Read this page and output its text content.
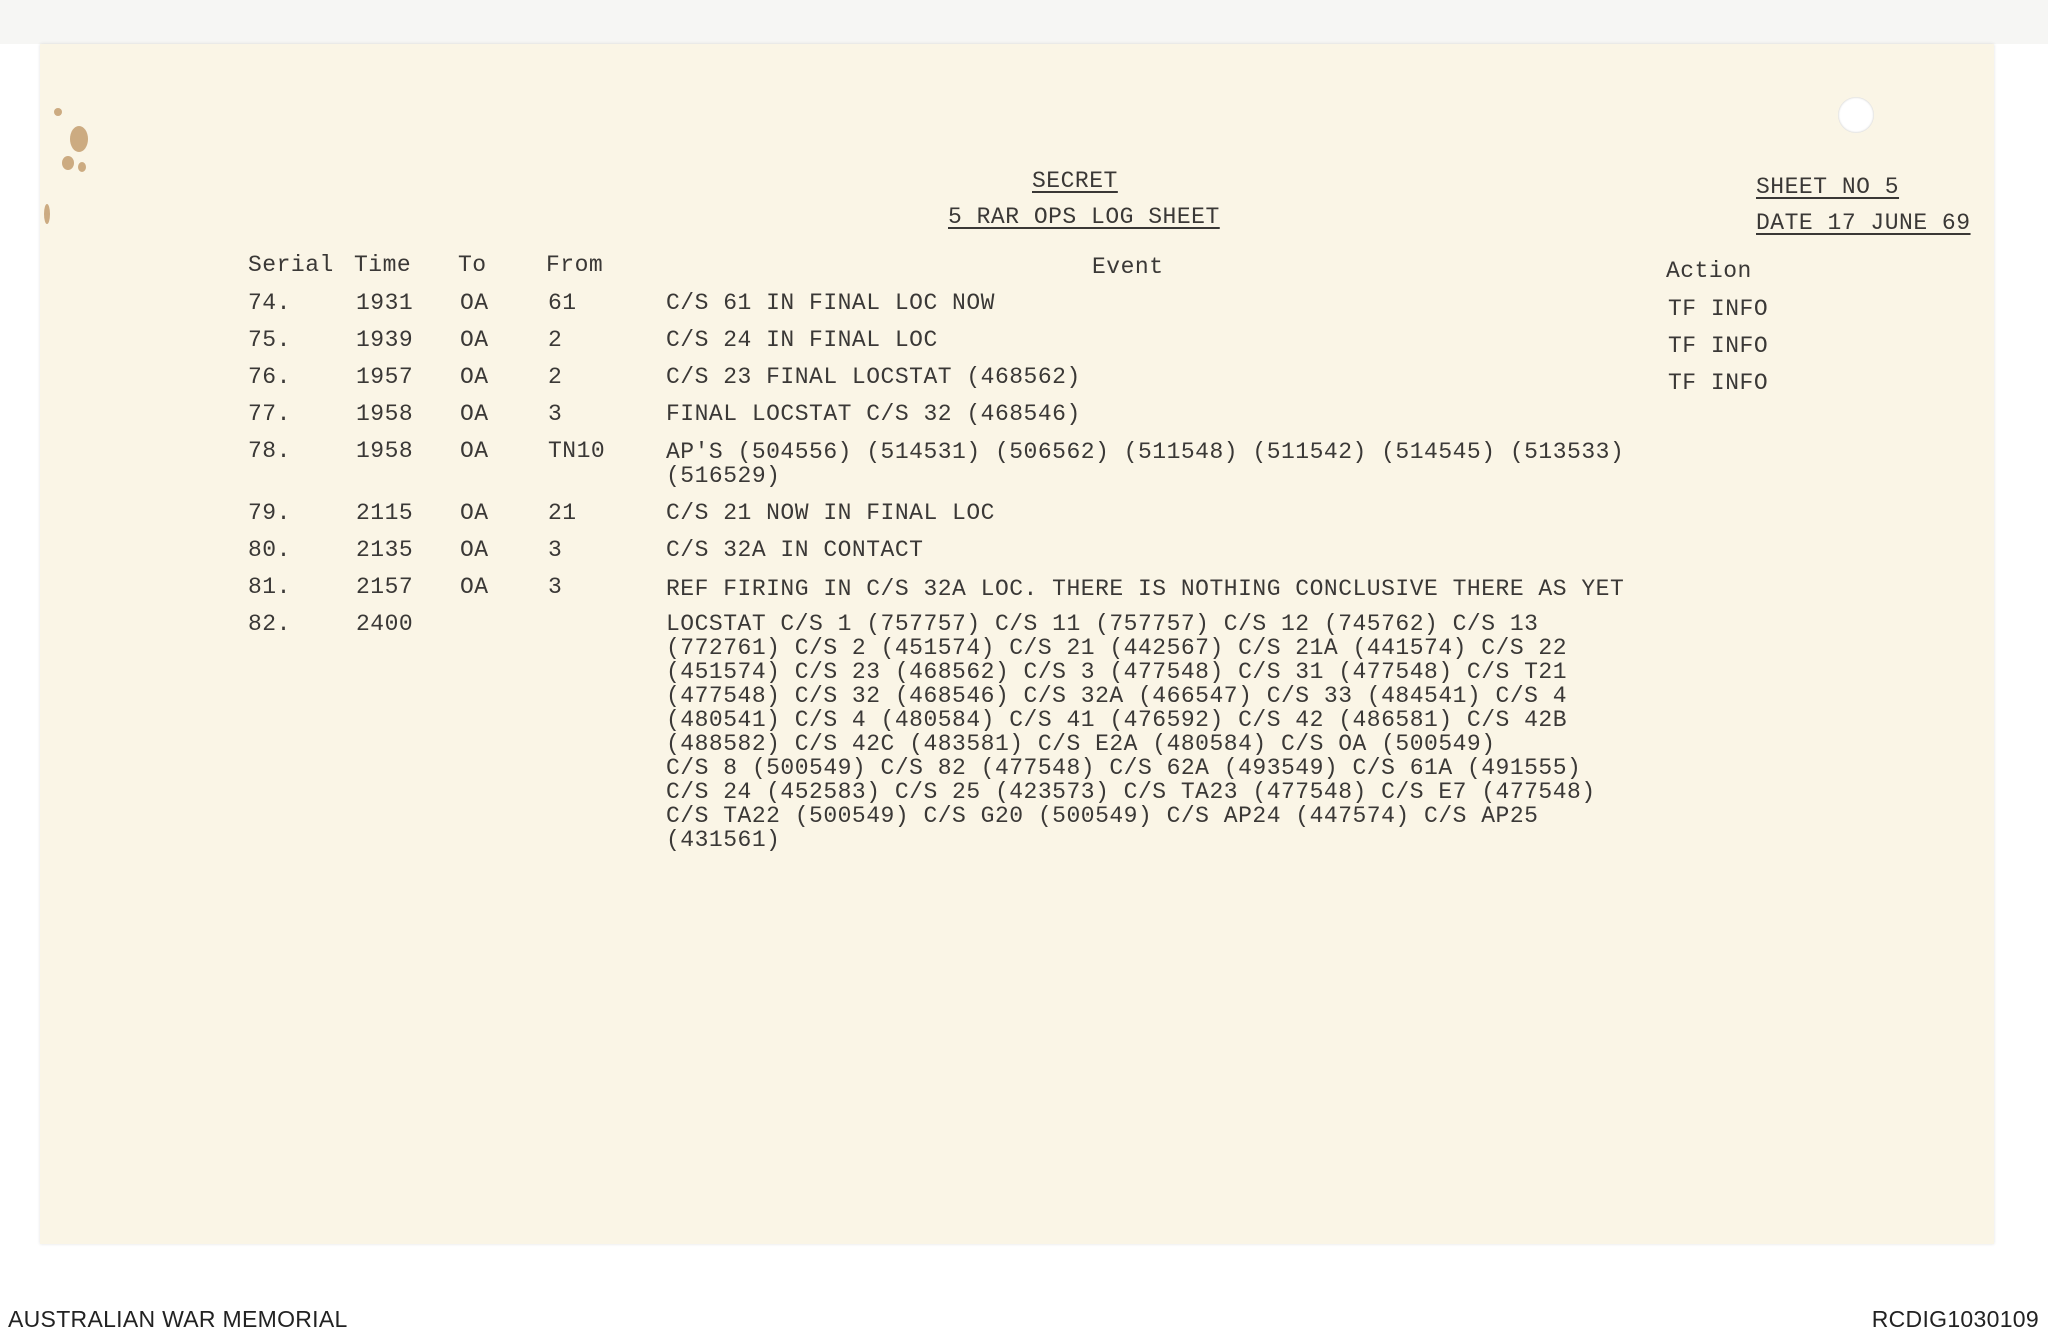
SECRET
5 RAR OPS LOG SHEET
SHEET NO 5
DATE 17 JUNE 69
Serial Time To	From	Event	Action
74.	1931 OA	61	C/S 61 IN FINAL LOC NOW	TF INFO
75.	1939 OA	2	C/S 24 IN FINAL LOC	TF INFO
76.	1957 OA	2	C/S 23 FINAL LOCSTAT (468562)	TF INFO
77.	1958 OA	3	FINAL LOCSTAT C/S 32 (468546)
78.	1958 OA	TN10	AP'S (504556) (514531) (506562) (511548) (511542) (514545) (513533)
(516529)
79.	2115 OA	21	C/S 21 NOW IN FINAL LOC
80.	2135 OA	3	C/S 32A IN CONTACT
81.	2157 OA	3	REF FIRING IN C/S 32A LOC. THERE IS NOTHING CONCLUSIVE THERE AS YET
82.	2400	LOCSTAT C/S 1 (757757) C/S 11 (757757) C/S 12 (745762) C/S 13
(772761) C/S 2 (451574) C/S 21 (442567) C/S 21A (441574) C/S 22
(451574) C/S 23 (468562) C/S 3 (477548) C/S 31 (477548) C/S T21
(477548) C/S 32 (468546) C/S 32A (466547) C/S 33 (484541) C/S 4
(480541) C/S 4 (480584) C/S 41 (476592) C/S 42 (486581) C/S 42B
(488582) C/S 42C (483581) C/S E2A (480584) C/S OA (500549)
C/S 8 (500549) C/S 82 (477548) C/S 62A (493549) C/S 61A (491555)
C/S 24 (452583) C/S 25 (423573) C/S TA23 (477548) C/S E7 (477548)
C/S TA22 (500549) C/S G20 (500549) C/S AP24 (447574) C/S AP25
(431561)
AUSTRALIAN WAR MEMORIAL	RCDIG1030109
